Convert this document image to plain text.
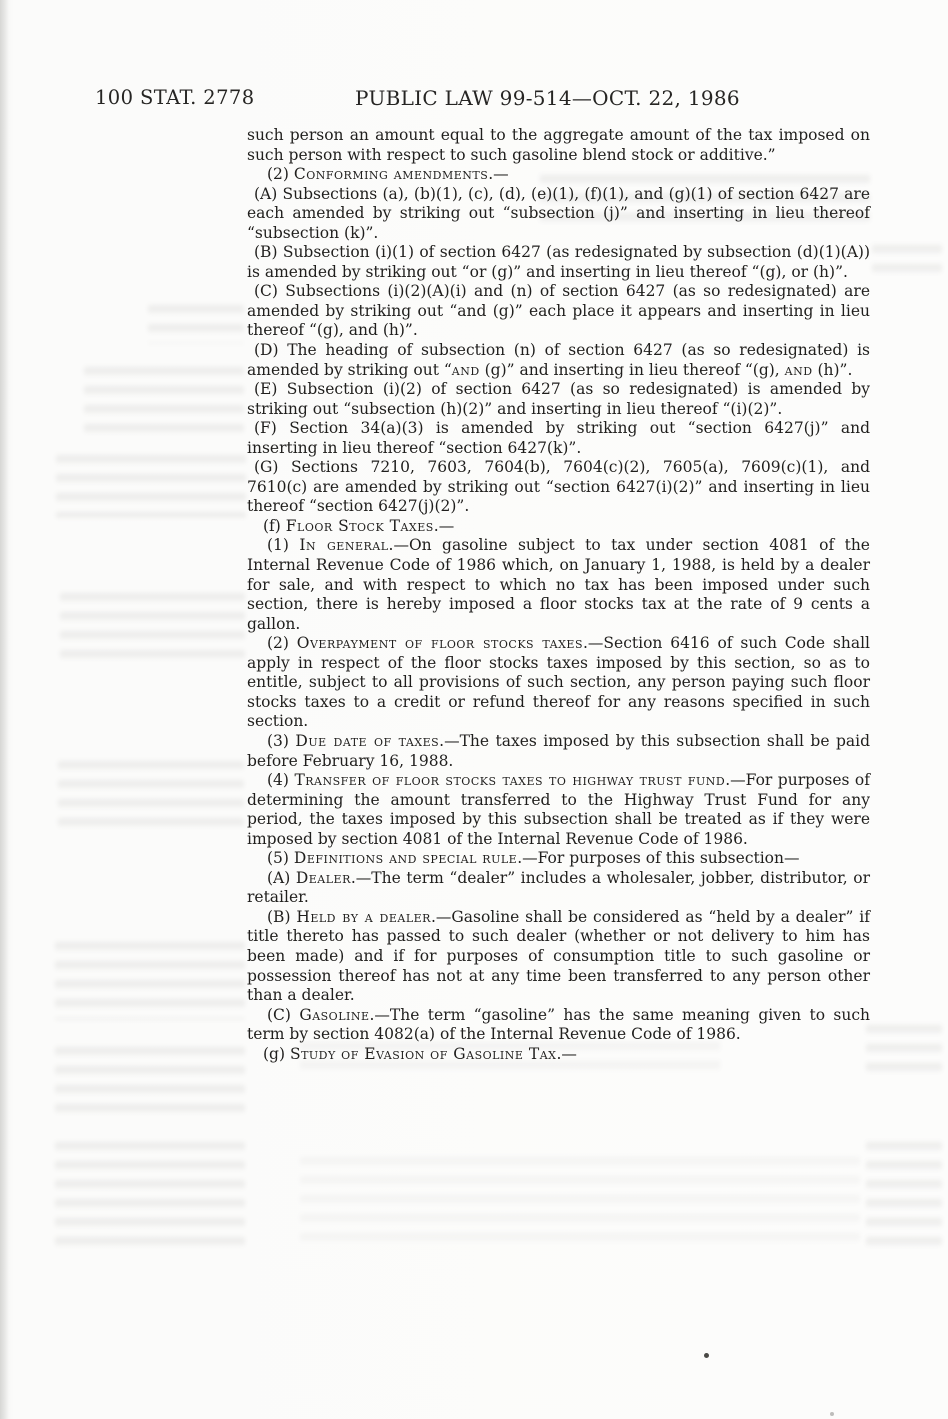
100 STAT. 2778	PUBLIC LAW 99-514—OCT. 22, 1986

such person an amount equal to the aggregate amount of the tax imposed on such person with respect to such gasoline blend stock or additive.”

(2) Conforming amendments.—

(A) Subsections (a), (b)(1), (c), (d), (e)(1), (f)(1), and (g)(1) of section 6427 are each amended by striking out “subsection (j)” and inserting in lieu thereof “subsection (k)”.

(B) Subsection (i)(1) of section 6427 (as redesignated by subsection (d)(1)(A)) is amended by striking out “or (g)” and inserting in lieu thereof “(g), or (h)”.

(C) Subsections (i)(2)(A)(i) and (n) of section 6427 (as so redesignated) are amended by striking out “and (g)” each place it appears and inserting in lieu thereof “(g), and (h)”.

(D) The heading of subsection (n) of section 6427 (as so redesignated) is amended by striking out “and (g)” and inserting in lieu thereof “(g), and (h)”.

(E) Subsection (i)(2) of section 6427 (as so redesignated) is amended by striking out “subsection (h)(2)” and inserting in lieu thereof “(i)(2)”.

(F) Section 34(a)(3) is amended by striking out “section 6427(j)” and inserting in lieu thereof “section 6427(k)”.

(G) Sections 7210, 7603, 7604(b), 7604(c)(2), 7605(a), 7609(c)(1), and 7610(c) are amended by striking out “section 6427(i)(2)” and inserting in lieu thereof “section 6427(j)(2)”.

(f) Floor Stock Taxes.—

(1) In general.—On gasoline subject to tax under section 4081 of the Internal Revenue Code of 1986 which, on January 1, 1988, is held by a dealer for sale, and with respect to which no tax has been imposed under such section, there is hereby imposed a floor stocks tax at the rate of 9 cents a gallon.

(2) Overpayment of floor stocks taxes.—Section 6416 of such Code shall apply in respect of the floor stocks taxes imposed by this section, so as to entitle, subject to all provisions of such section, any person paying such floor stocks taxes to a credit or refund thereof for any reasons specified in such section.

(3) Due date of taxes.—The taxes imposed by this subsection shall be paid before February 16, 1988.

(4) Transfer of floor stocks taxes to highway trust fund.—For purposes of determining the amount transferred to the Highway Trust Fund for any period, the taxes imposed by this subsection shall be treated as if they were imposed by section 4081 of the Internal Revenue Code of 1986.

(5) Definitions and special rule.—For purposes of this subsection—

(A) Dealer.—The term “dealer” includes a wholesaler, jobber, distributor, or retailer.

(B) Held by a dealer.—Gasoline shall be considered as “held by a dealer” if title thereto has passed to such dealer (whether or not delivery to him has been made) and if for purposes of consumption title to such gasoline or possession thereof has not at any time been transferred to any person other than a dealer.

(C) Gasoline.—The term “gasoline” has the same meaning given to such term by section 4082(a) of the Internal Revenue Code of 1986.

(g) Study of Evasion of Gasoline Tax.—
